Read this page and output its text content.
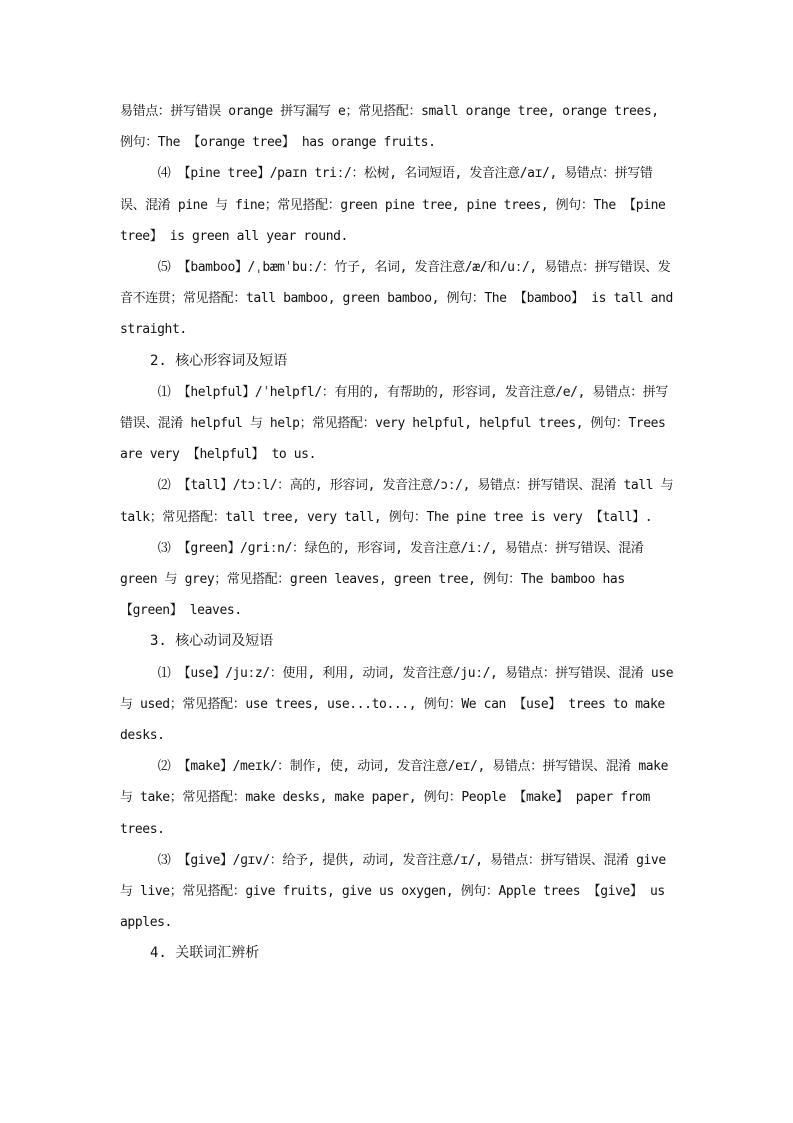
易错点：拼写错误 orange 拼写漏写 e；常见搭配：small orange tree, orange trees, 例句：The 【orange tree】 has orange fruits.

⑷ 【pine tree】/paɪn triː/：松树, 名词短语, 发音注意/aɪ/, 易错点：拼写错误、混淆 pine 与 fine；常见搭配：green pine tree, pine trees, 例句：The 【pine tree】 is green all year round.

⑸ 【bamboo】/ˌbæmˈbuː/：竹子, 名词, 发音注意/æ/和/uː/, 易错点：拼写错误、发音不连贯；常见搭配：tall bamboo, green bamboo, 例句：The 【bamboo】 is tall and straight.

2. 核心形容词及短语

⑴ 【helpful】/ˈhelpfl/：有用的, 有帮助的, 形容词, 发音注意/e/, 易错点：拼写错误、混淆 helpful 与 help；常见搭配：very helpful, helpful trees, 例句：Trees are very 【helpful】 to us.

⑵ 【tall】/tɔːl/：高的, 形容词, 发音注意/ɔː/, 易错点：拼写错误、混淆 tall 与 talk；常见搭配：tall tree, very tall, 例句：The pine tree is very 【tall】.

⑶ 【green】/ɡriːn/：绿色的, 形容词, 发音注意/iː/, 易错点：拼写错误、混淆 green 与 grey；常见搭配：green leaves, green tree, 例句：The bamboo has 【green】 leaves.

3. 核心动词及短语

⑴ 【use】/juːz/：使用, 利用, 动词, 发音注意/juː/, 易错点：拼写错误、混淆 use 与 used；常见搭配：use trees, use...to..., 例句：We can 【use】 trees to make desks.

⑵ 【make】/meɪk/：制作, 使, 动词, 发音注意/eɪ/, 易错点：拼写错误、混淆 make 与 take；常见搭配：make desks, make paper, 例句：People 【make】 paper from trees.

⑶ 【give】/ɡɪv/：给予, 提供, 动词, 发音注意/ɪ/, 易错点：拼写错误、混淆 give 与 live；常见搭配：give fruits, give us oxygen, 例句：Apple trees 【give】 us apples.

4. 关联词汇辨析
